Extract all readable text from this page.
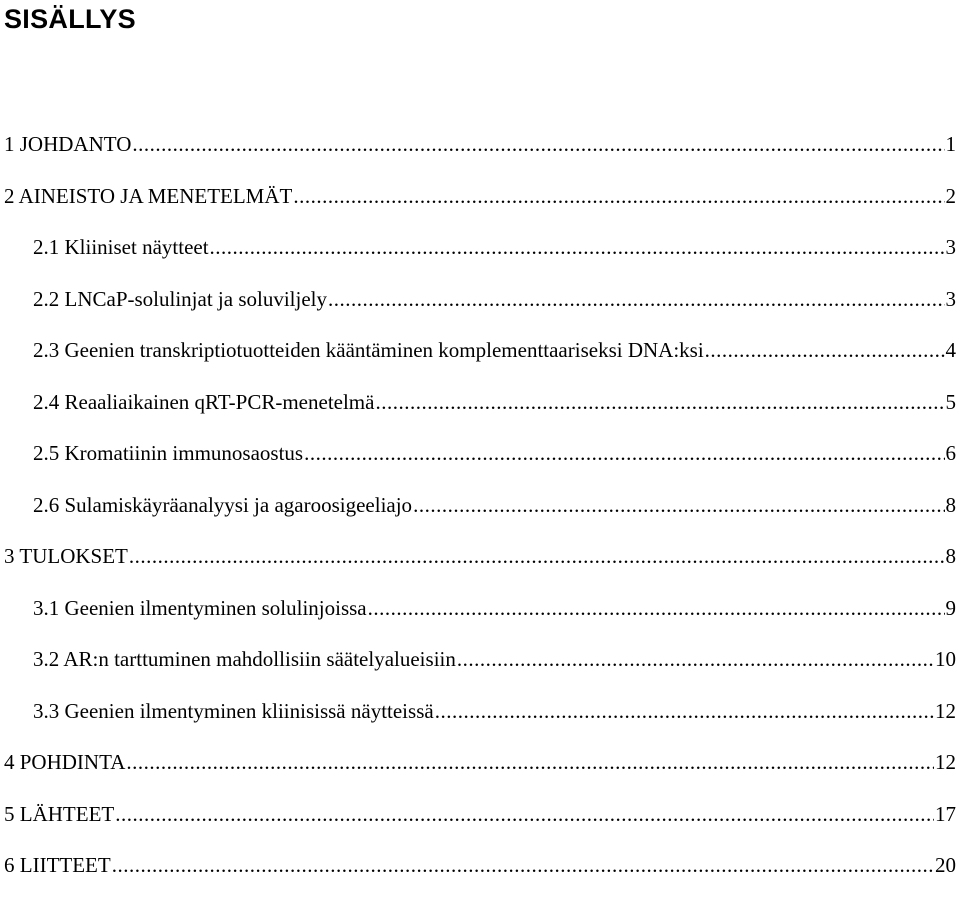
SISÄLLYS
1 JOHDANTO .....	1
2 AINEISTO JA MENETELMÄT .....	2
2.1 Kliiniset näytteet .....	3
2.2 LNCaP-solulinjat ja soluviljely .....	3
2.3 Geenien transkriptiotuotteiden kääntäminen komplementtaariseksi DNA:ksi .....	4
2.4 Reaaliaikainen qRT-PCR-menetelmä .....	5
2.5 Kromatiinin immunosaostus .....	6
2.6 Sulamiskäyräanalyysi ja agaroosigeeliajo .....	8
3 TULOKSET .....	8
3.1 Geenien ilmentyminen solulinjoissa .....	9
3.2 AR:n tarttuminen mahdollisiin säätelyalueisiin .....	10
3.3 Geenien ilmentyminen kliinisissä näytteissä .....	12
4 POHDINTA .....	12
5 LÄHTEET .....	17
6 LIITTEET .....	20
